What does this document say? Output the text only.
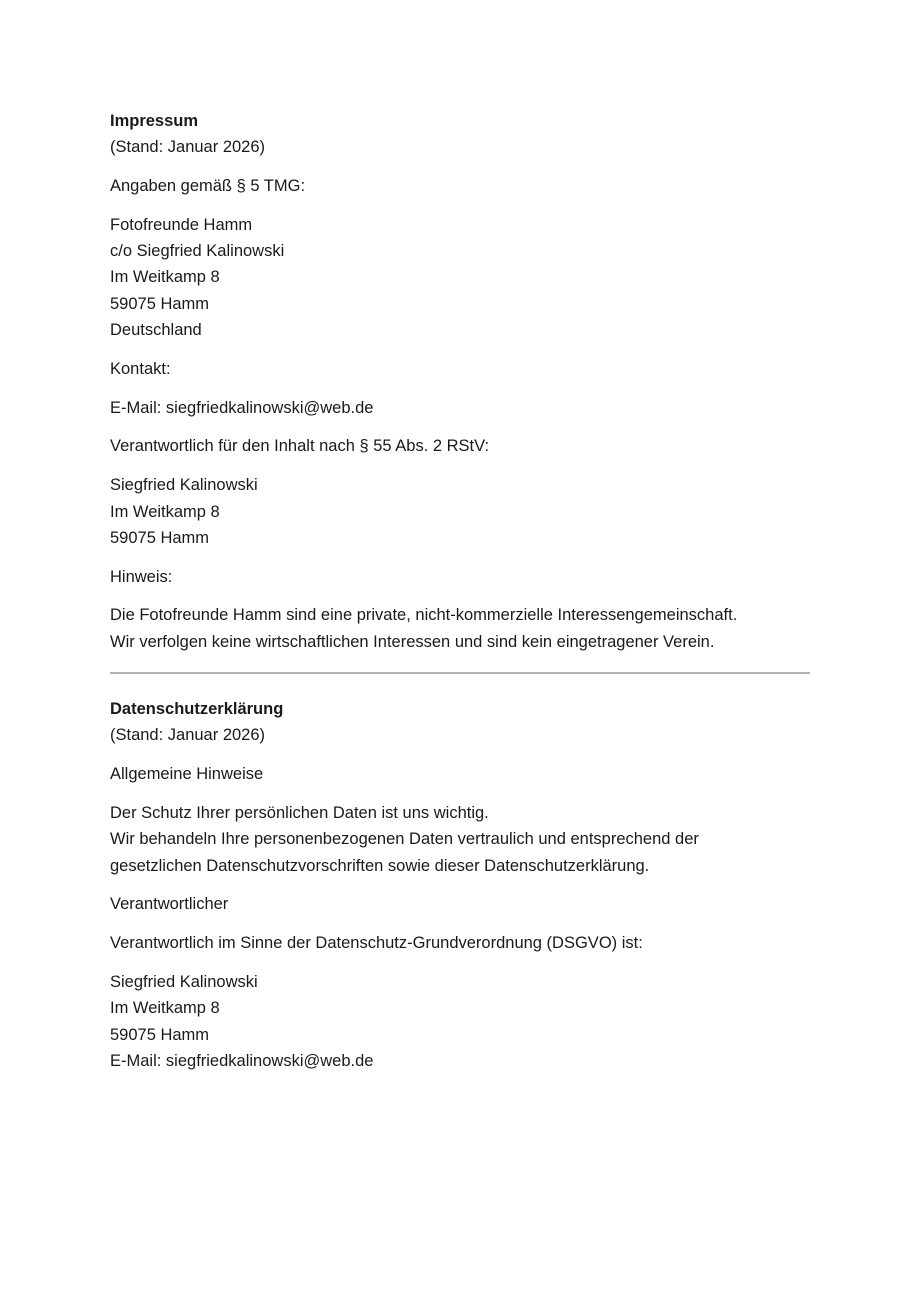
Impressum
(Stand: Januar 2026)

Angaben gemäß § 5 TMG:

Fotofreunde Hamm
c/o Siegfried Kalinowski
Im Weitkamp 8
59075 Hamm
Deutschland

Kontakt:

E-Mail: siegfriedkalinowski@web.de

Verantwortlich für den Inhalt nach § 55 Abs. 2 RStV:

Siegfried Kalinowski
Im Weitkamp 8
59075 Hamm

Hinweis:

Die Fotofreunde Hamm sind eine private, nicht-kommerzielle Interessengemeinschaft.
Wir verfolgen keine wirtschaftlichen Interessen und sind kein eingetragener Verein.

Datenschutzerklärung
(Stand: Januar 2026)

Allgemeine Hinweise

Der Schutz Ihrer persönlichen Daten ist uns wichtig.
Wir behandeln Ihre personenbezogenen Daten vertraulich und entsprechend der
gesetzlichen Datenschutzvorschriften sowie dieser Datenschutzerklärung.

Verantwortlicher

Verantwortlich im Sinne der Datenschutz-Grundverordnung (DSGVO) ist:

Siegfried Kalinowski
Im Weitkamp 8
59075 Hamm
E-Mail: siegfriedkalinowski@web.de
